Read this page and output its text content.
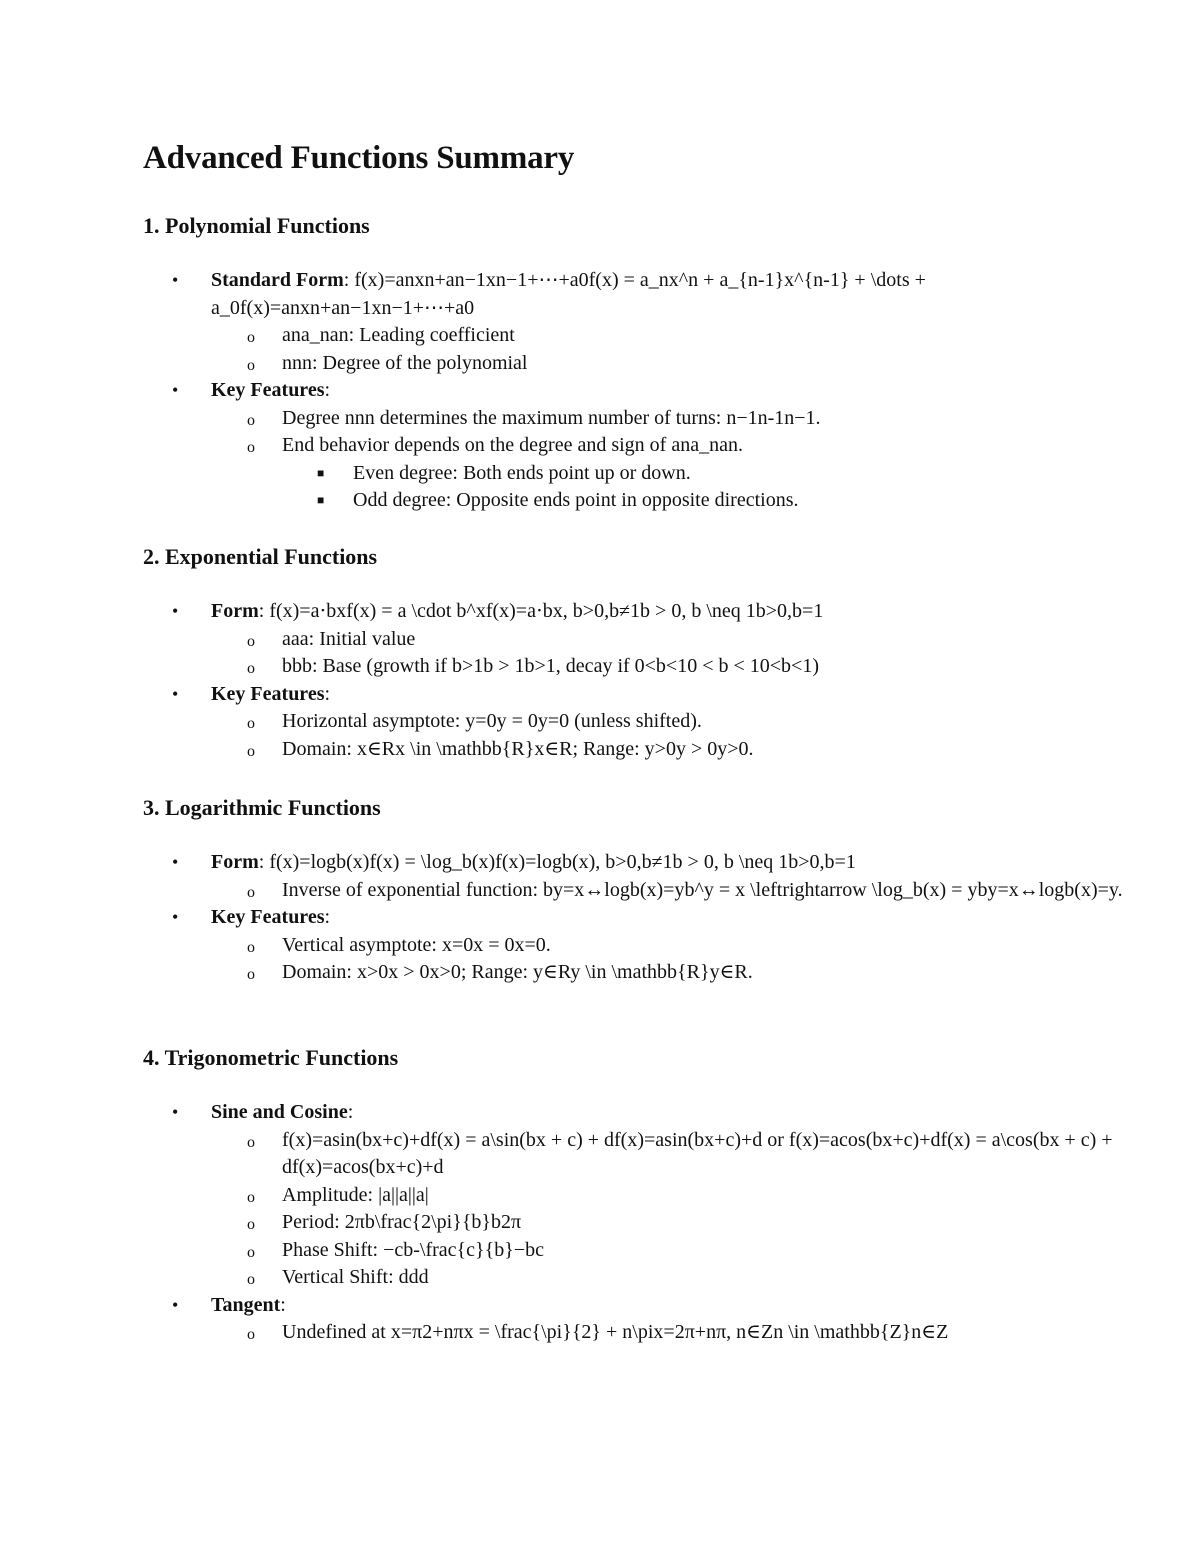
Advanced Functions Summary
1. Polynomial Functions
• Standard Form: f(x)=anxn+an−1xn−1+⋯+a0f(x) = a_nx^n + a_{n-1}x^{n-1} + \dots + a_0f(x)=anxn+an−1xn−1+⋯+a0
o ana_nan: Leading coefficient
o nnn: Degree of the polynomial
• Key Features:
o Degree nnn determines the maximum number of turns: n−1n-1n−1.
o End behavior depends on the degree and sign of ana_nan.
■ Even degree: Both ends point up or down.
■ Odd degree: Opposite ends point in opposite directions.
2. Exponential Functions
• Form: f(x)=a⋅bxf(x) = a \cdot b^xf(x)=a⋅bx, b>0,b≠1b > 0, b \neq 1b>0,b=1
o aaa: Initial value
o bbb: Base (growth if b>1b > 1b>1, decay if 0<b<10 < b < 10<b<1)
• Key Features:
o Horizontal asymptote: y=0y = 0y=0 (unless shifted).
o Domain: x∈Rx \in \mathbb{R}x∈R; Range: y>0y > 0y>0.
3. Logarithmic Functions
• Form: f(x)=logb(x)f(x) = \log_b(x)f(x)=logb(x), b>0,b≠1b > 0, b \neq 1b>0,b=1
o Inverse of exponential function: by=x↔logb(x)=yb^y = x \leftrightarrow \log_b(x) = yby=x↔logb(x)=y.
• Key Features:
o Vertical asymptote: x=0x = 0x=0.
o Domain: x>0x > 0x>0; Range: y∈Ry \in \mathbb{R}y∈R.
4. Trigonometric Functions
• Sine and Cosine:
o f(x)=asin(bx+c)+df(x) = a\sin(bx + c) + df(x)=asin(bx+c)+d or f(x)=acos(bx+c)+df(x) = a\cos(bx + c) + df(x)=acos(bx+c)+d
o Amplitude: |a||a||a|
o Period: 2πb\frac{2\pi}{b}b2π
o Phase Shift: −cb-\frac{c}{b}−bc
o Vertical Shift: ddd
• Tangent:
o Undefined at x=π2+nπx = \frac{\pi}{2} + n\pix=2π+nπ, n∈Zn \in \mathbb{Z}n∈Z
